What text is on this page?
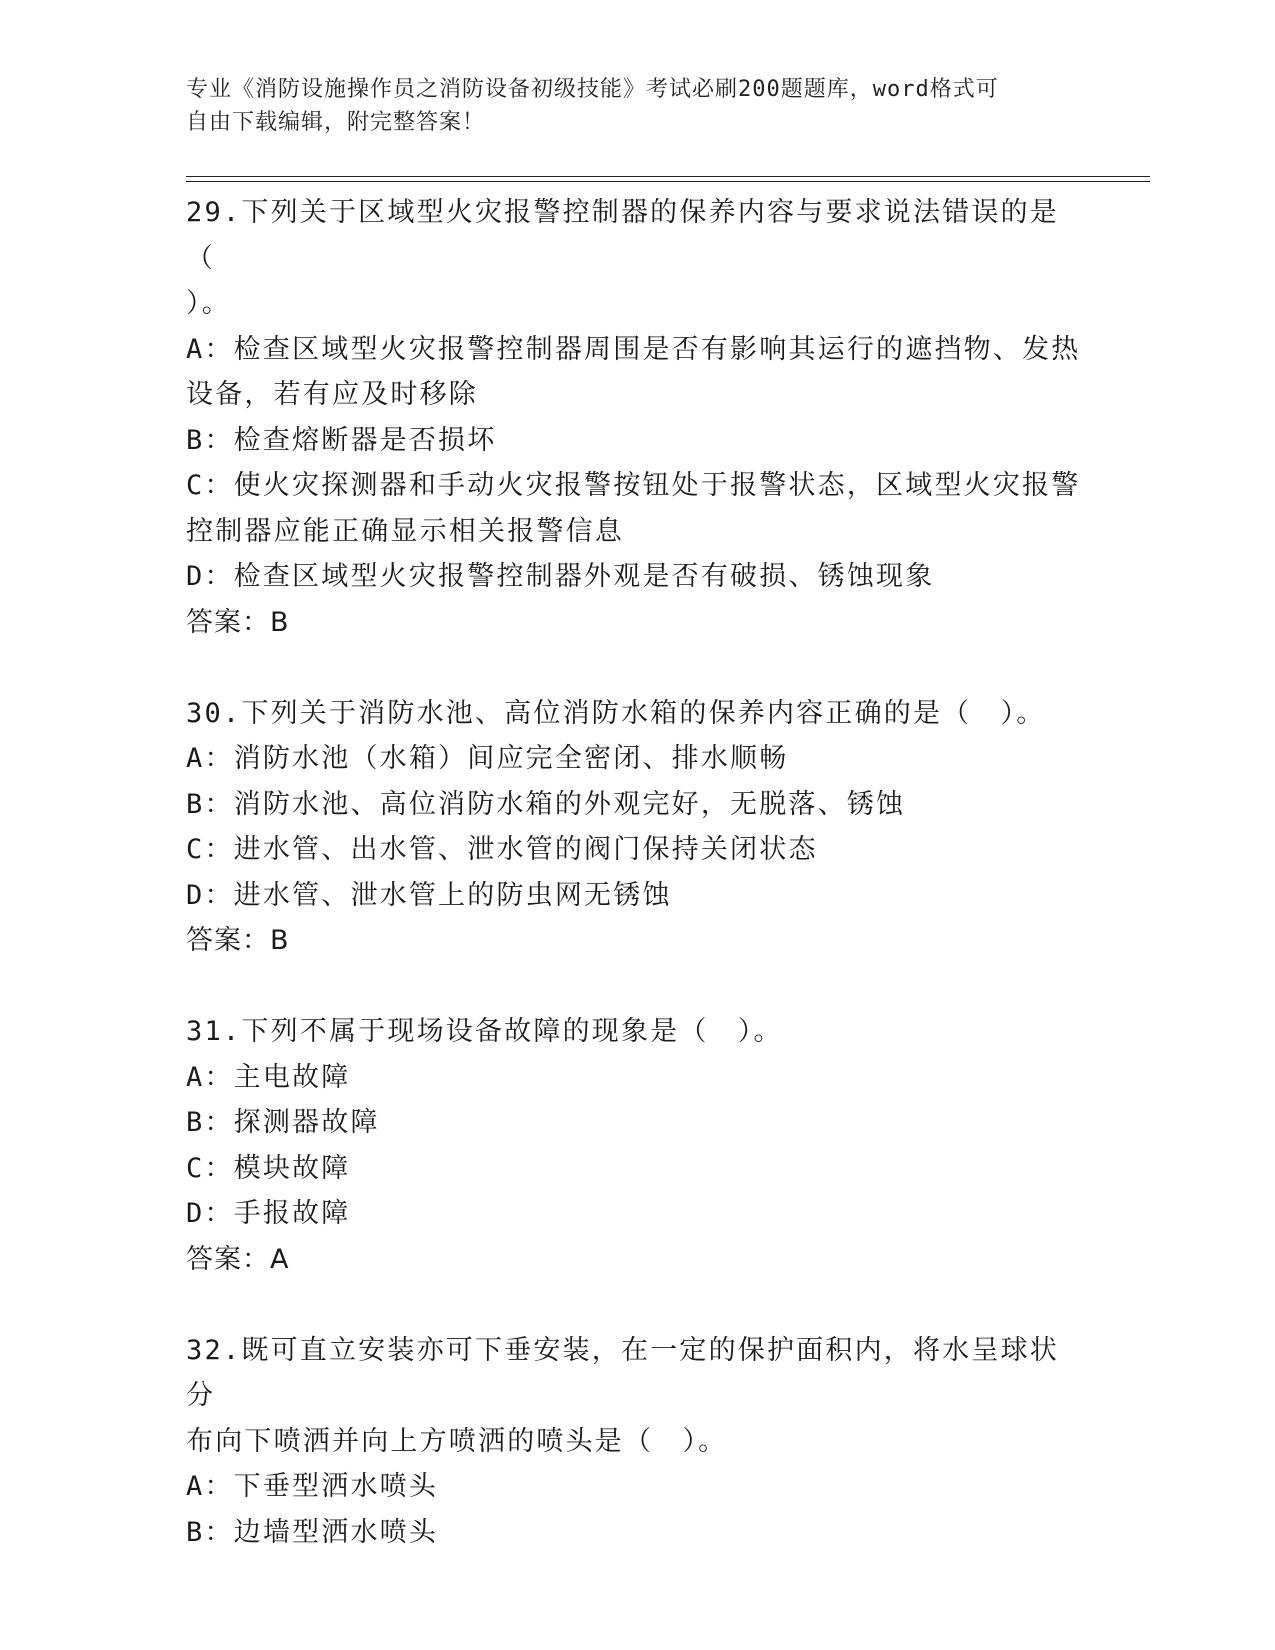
专业《消防设施操作员之消防设备初级技能》考试必刷200题题库，word格式可
自由下载编辑，附完整答案！
29.下列关于区域型火灾报警控制器的保养内容与要求说法错误的是（
）。
A：检查区域型火灾报警控制器周围是否有影响其运行的遮挡物、发热
设备，若有应及时移除
B：检查熔断器是否损坏
C：使火灾探测器和手动火灾报警按钮处于报警状态，区域型火灾报警
控制器应能正确显示相关报警信息
D：检查区域型火灾报警控制器外观是否有破损、锈蚀现象
答案：B
30.下列关于消防水池、高位消防水箱的保养内容正确的是（　）。
A：消防水池（水箱）间应完全密闭、排水顺畅
B：消防水池、高位消防水箱的外观完好，无脱落、锈蚀
C：进水管、出水管、泄水管的阀门保持关闭状态
D：进水管、泄水管上的防虫网无锈蚀
答案：B
31.下列不属于现场设备故障的现象是（　）。
A：主电故障
B：探测器故障
C：模块故障
D：手报故障
答案：A
32.既可直立安装亦可下垂安装，在一定的保护面积内，将水呈球状分
布向下喷洒并向上方喷洒的喷头是（　）。
A：下垂型洒水喷头
B：边墙型洒水喷头
